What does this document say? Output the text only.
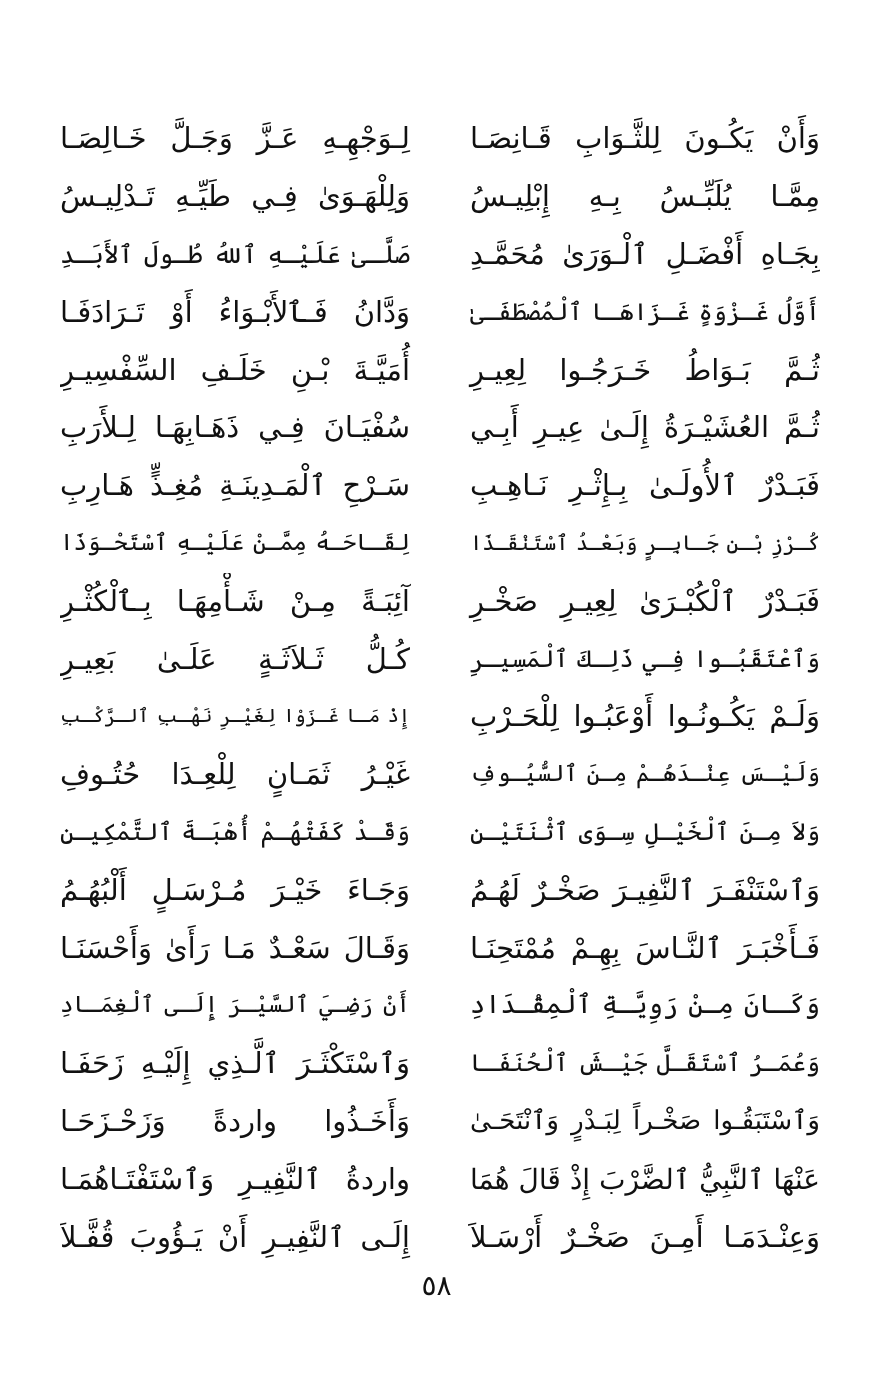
وَأَنْ يَكُـونَ لِلثَّـوَابِ قَـانِصَـا
لِـوَجْهِـهِ عَـزَّ وَجَـلَّ خَـالِصَـا
مِمَّـا يُلَبِّـسُ بِـهِ إِبْلِيـسُ
وَلِلْهَـوَىٰ فِـي طَيِّـهِ تَـدْلِيـسُ
بِجَـاهِ أَفْضَـلِ ٱلْـوَرَىٰ مُحَمَّـدِ
صَلَّـىٰ عَلَيْـهِ ٱللهُ طُـولَ ٱلأَبَـدِ
أَوَّلُ غَـزْوَةٍ غَـزَاهَـا ٱلْمُصْطَفَـىٰ
وَدَّانُ فَـٱلأَبْـوَاءُ أَوْ تَـرَادَفَـا
ثُـمَّ بَـوَاطُ خَـرَجُـوا لِعِيـرِ
أُمَيَّـةَ بْـنِ خَلَـفِ السِّفْسِيـرِ
ثُـمَّ العُشَيْـرَةُ إِلَـىٰ عِيـرِ أَبِـي
سُفْيَـانَ فِـي ذَهَـابِهَـا لِـلأَرَبِ
فَبَـدْرٌ ٱلأُولَـىٰ بِـإِثْـرِ نَـاهِـبِ
سَـرْحِ ٱلْمَـدِينَـةِ مُغِـذٍّ هَـارِبِ
كُـرْزِ بْـنِ جَـابِـرٍ وَبَعْـدُ ٱسْتَنْقَـذَا
لِقَـاحَـهُ مِمَّـنْ عَلَيْـهِ ٱسْتَحْـوَذَا
فَبَـدْرٌ ٱلْكُبْـرَىٰ لِعِيـرِ صَخْـرِ
آئِبَـةً مِـنْ شَـأْمِهَـا بِـٱلْكُثْـرِ
وَٱعْتَقَبُـوا فِـي ذَلِـكَ ٱلْمَسِيـرِ
كُـلُّ ثَـلاَثَـةٍ عَلَـىٰ بَعِيـرِ
وَلَـمْ يَكُـونُـوا أَوْعَبُـوا لِلْحَـرْبِ
إِذْ مَـا غَـزَوْا لِغَيْـرِ نَهْـبِ ٱلـرَّكْـبِ
وَلَيْـسَ عِنْـدَهُـمْ مِـنَ ٱلسُّيُـوفِ
غَيْـرُ ثَمَـانٍ لِلْعِـدَا حُتُـوفِ
وَلاَ مِـنَ ٱلْخَيْـلِ سِـوَى ٱثْنَتَيْـنِ
وَقَـدْ كَفَتْهُـمْ أُهْبَـةَ ٱلتَّمْكِيـنِ
وَٱسْتَنْفَـرَ ٱلنَّفِيـرَ صَخْـرٌ لَهُـمُ
وَجَـاءَ خَيْـرَ مُـرْسَـلٍ أَلْبُهُـمُ
فَـأَخْبَـرَ ٱلنَّـاسَ بِهِـمْ مُمْتَحِنَـا
وَقَـالَ سَعْـدٌ مَـا رَأَىٰ وَأَحْسَنَـا
وَكَـانَ مِـنْ رَوِيَّـةِ ٱلْمِقْـدَادِ
أَنْ رَضِـيَ ٱلسَّيْـرَ إِلَـى ٱلْغِمَـادِ
وَعُمَـرُ ٱسْتَقَـلَّ جَيْـشَ ٱلْحُنَفَـا
وَٱسْتَكْثَـرَ ٱلَّـذِي إِلَيْـهِ زَحَفَـا
وَٱسْتَبَقُـوا صَخْـراً لِبَـدْرٍ وَٱنْتَحَـىٰ
وَأَخَـذُوا واردةً وَزَحْـزَحَـا
عَنْهَا ٱلنَّبِيُّ ٱلضَّرْبَ إِذْ قَالَ هُمَا
واردةُ ٱلنَّفِيـرِ وَٱسْتَفْتَـاهُمَـا
وَعِنْـدَمَـا أَمِـنَ صَخْـرٌ أَرْسَـلاَ
إِلَـى ٱلنَّفِيـرِ أَنْ يَـؤُوبَ قُفَّـلاَ
٥٨
